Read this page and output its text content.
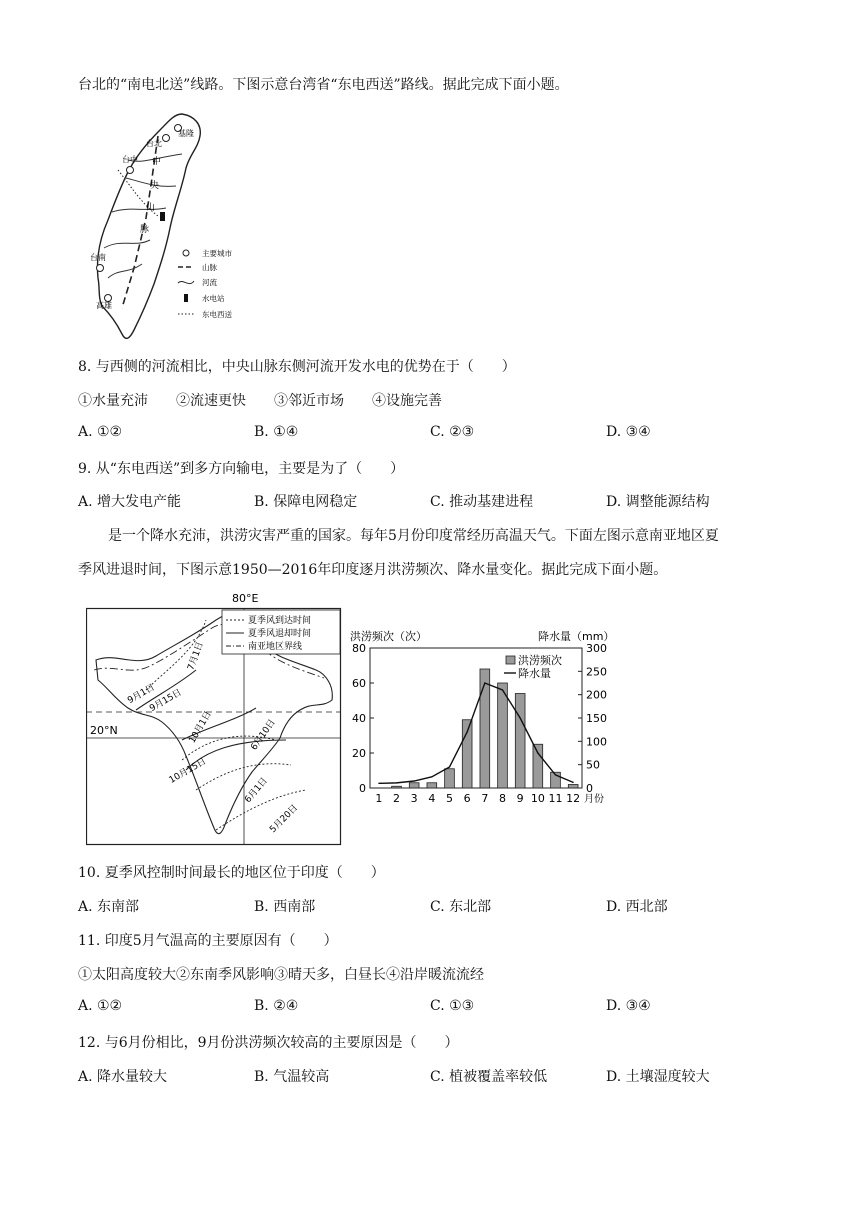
台北的“南电北送”线路。下图示意台湾省“东电西送”路线。据此完成下面小题。
基隆
台北
台中
台南
高雄
中
央
山
脉
主要城市
山脉
河流
水电站
东电西送
8. 与西侧的河流相比，中央山脉东侧河流开发水电的优势在于（　　）
①水量充沛　　②流速更快　　③邻近市场　　④设施完善
A. ①②	B. ①④	C. ②③	D. ③④
9. 从“东电西送”到多方向输电，主要是为了（　　）
A. 增大发电产能	B. 保障电网稳定	C. 推动基建进程	D. 调整能源结构
是一个降水充沛，洪涝灾害严重的国家。每年5月份印度常经历高温天气。下面左图示意南亚地区夏
季风进退时间，下图示意1950—2016年印度逐月洪涝频次、降水量变化。据此完成下面小题。
80°E
20°N
夏季风到达时间
夏季风退却时间
南亚地区界线
7月1日
9月1日
9月15日
10月1日	6月10日
10月15日
6月1日
5月20日
洪涝频次（次）	降水量（mm）
0
20
40
60
80
0
50
100
150
200
250
300
1 2 3 4 5 6 7 8 9 10 11 12 月份
洪涝频次
降水量
10. 夏季风控制时间最长的地区位于印度（　　）
A. 东南部	B. 西南部	C. 东北部	D. 西北部
11. 印度5月气温高的主要原因有（　　）
①太阳高度较大②东南季风影响③晴天多，白昼长④沿岸暖流流经
A. ①②	B. ②④	C. ①③	D. ③④
12. 与6月份相比，9月份洪涝频次较高的主要原因是（　　）
A. 降水量较大	B. 气温较高	C. 植被覆盖率较低	D. 土壤湿度较大
